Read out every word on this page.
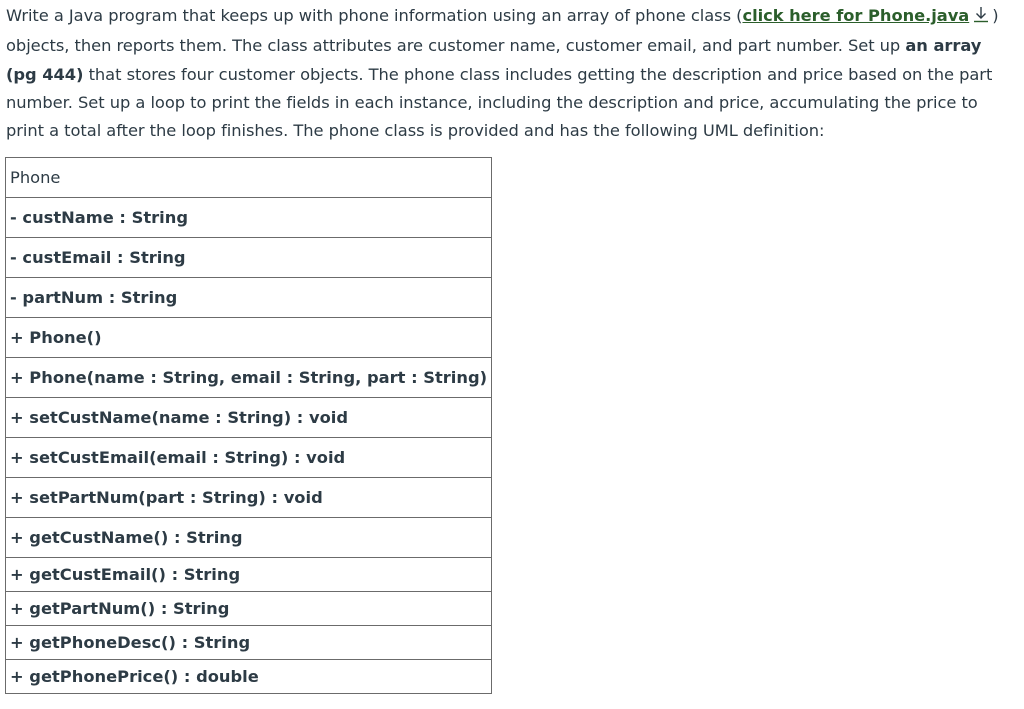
Write a Java program that keeps up with phone information using an array of phone class (click here for Phone.java ) objects, then reports them. The class attributes are customer name, customer email, and part number. Set up an array (pg 444) that stores four customer objects. The phone class includes getting the description and price based on the part number. Set up a loop to print the fields in each instance, including the description and price, accumulating the price to print a total after the loop finishes. The phone class is provided and has the following UML definition:

Phone
- custName : String
- custEmail : String
- partNum : String
+ Phone()
+ Phone(name : String, email : String, part : String)
+ setCustName(name : String) : void
+ setCustEmail(email : String) : void
+ setPartNum(part : String) : void
+ getCustName() : String
+ getCustEmail() : String
+ getPartNum() : String
+ getPhoneDesc() : String
+ getPhonePrice() : double
